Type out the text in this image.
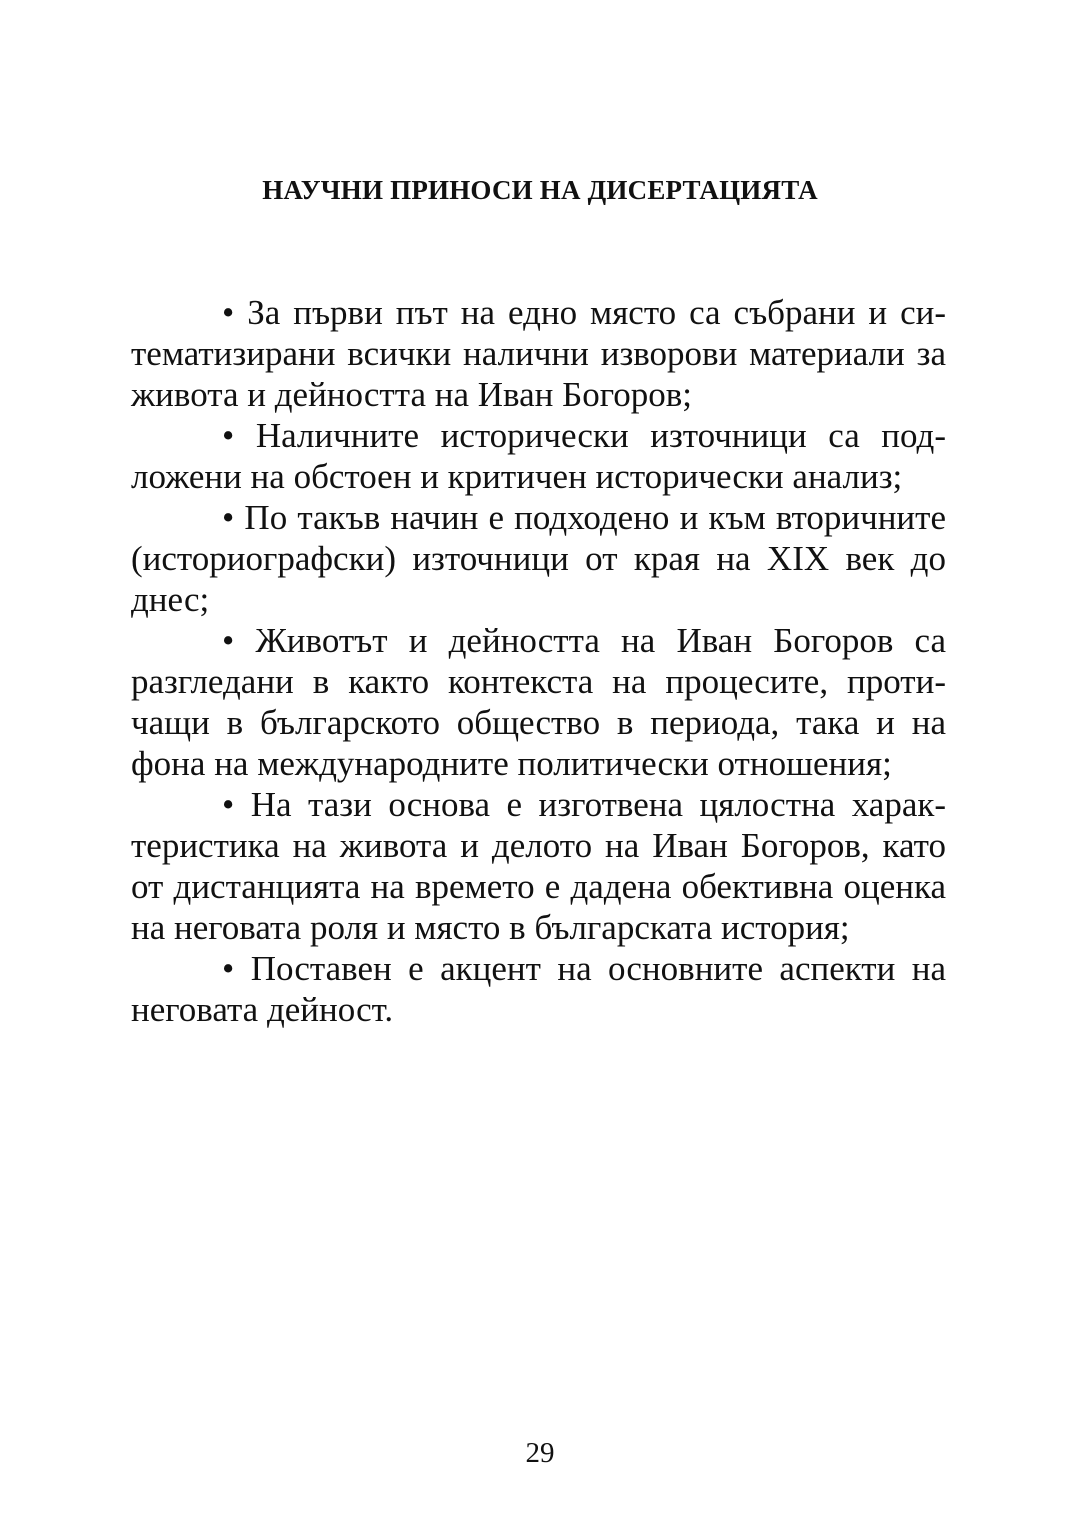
НАУЧНИ ПРИНОСИ НА ДИСЕРТАЦИЯТА

• За първи път на едно място са събрани и ситематизирани всички налични изворови материали за живота и дейността на Иван Богоров;

• Наличните исторически източници са подложени на обстоен и критичен исторически анализ;

• По такъв начин е подходено и към вторичните (историографски) източници от края на XIX век до днес;

• Животът и дейността на Иван Богоров са разгледани в както контекста на процесите, протичащи в българското общество в периода, така и на фона на международните политически отношения;

• На тази основа е изготвена цялостна характеристика на живота и делото на Иван Богоров, като от дистанцията на времето е дадена обективна оценка на неговата роля и място в българската история;

• Поставен е акцент на основните аспекти на неговата дейност.

29
